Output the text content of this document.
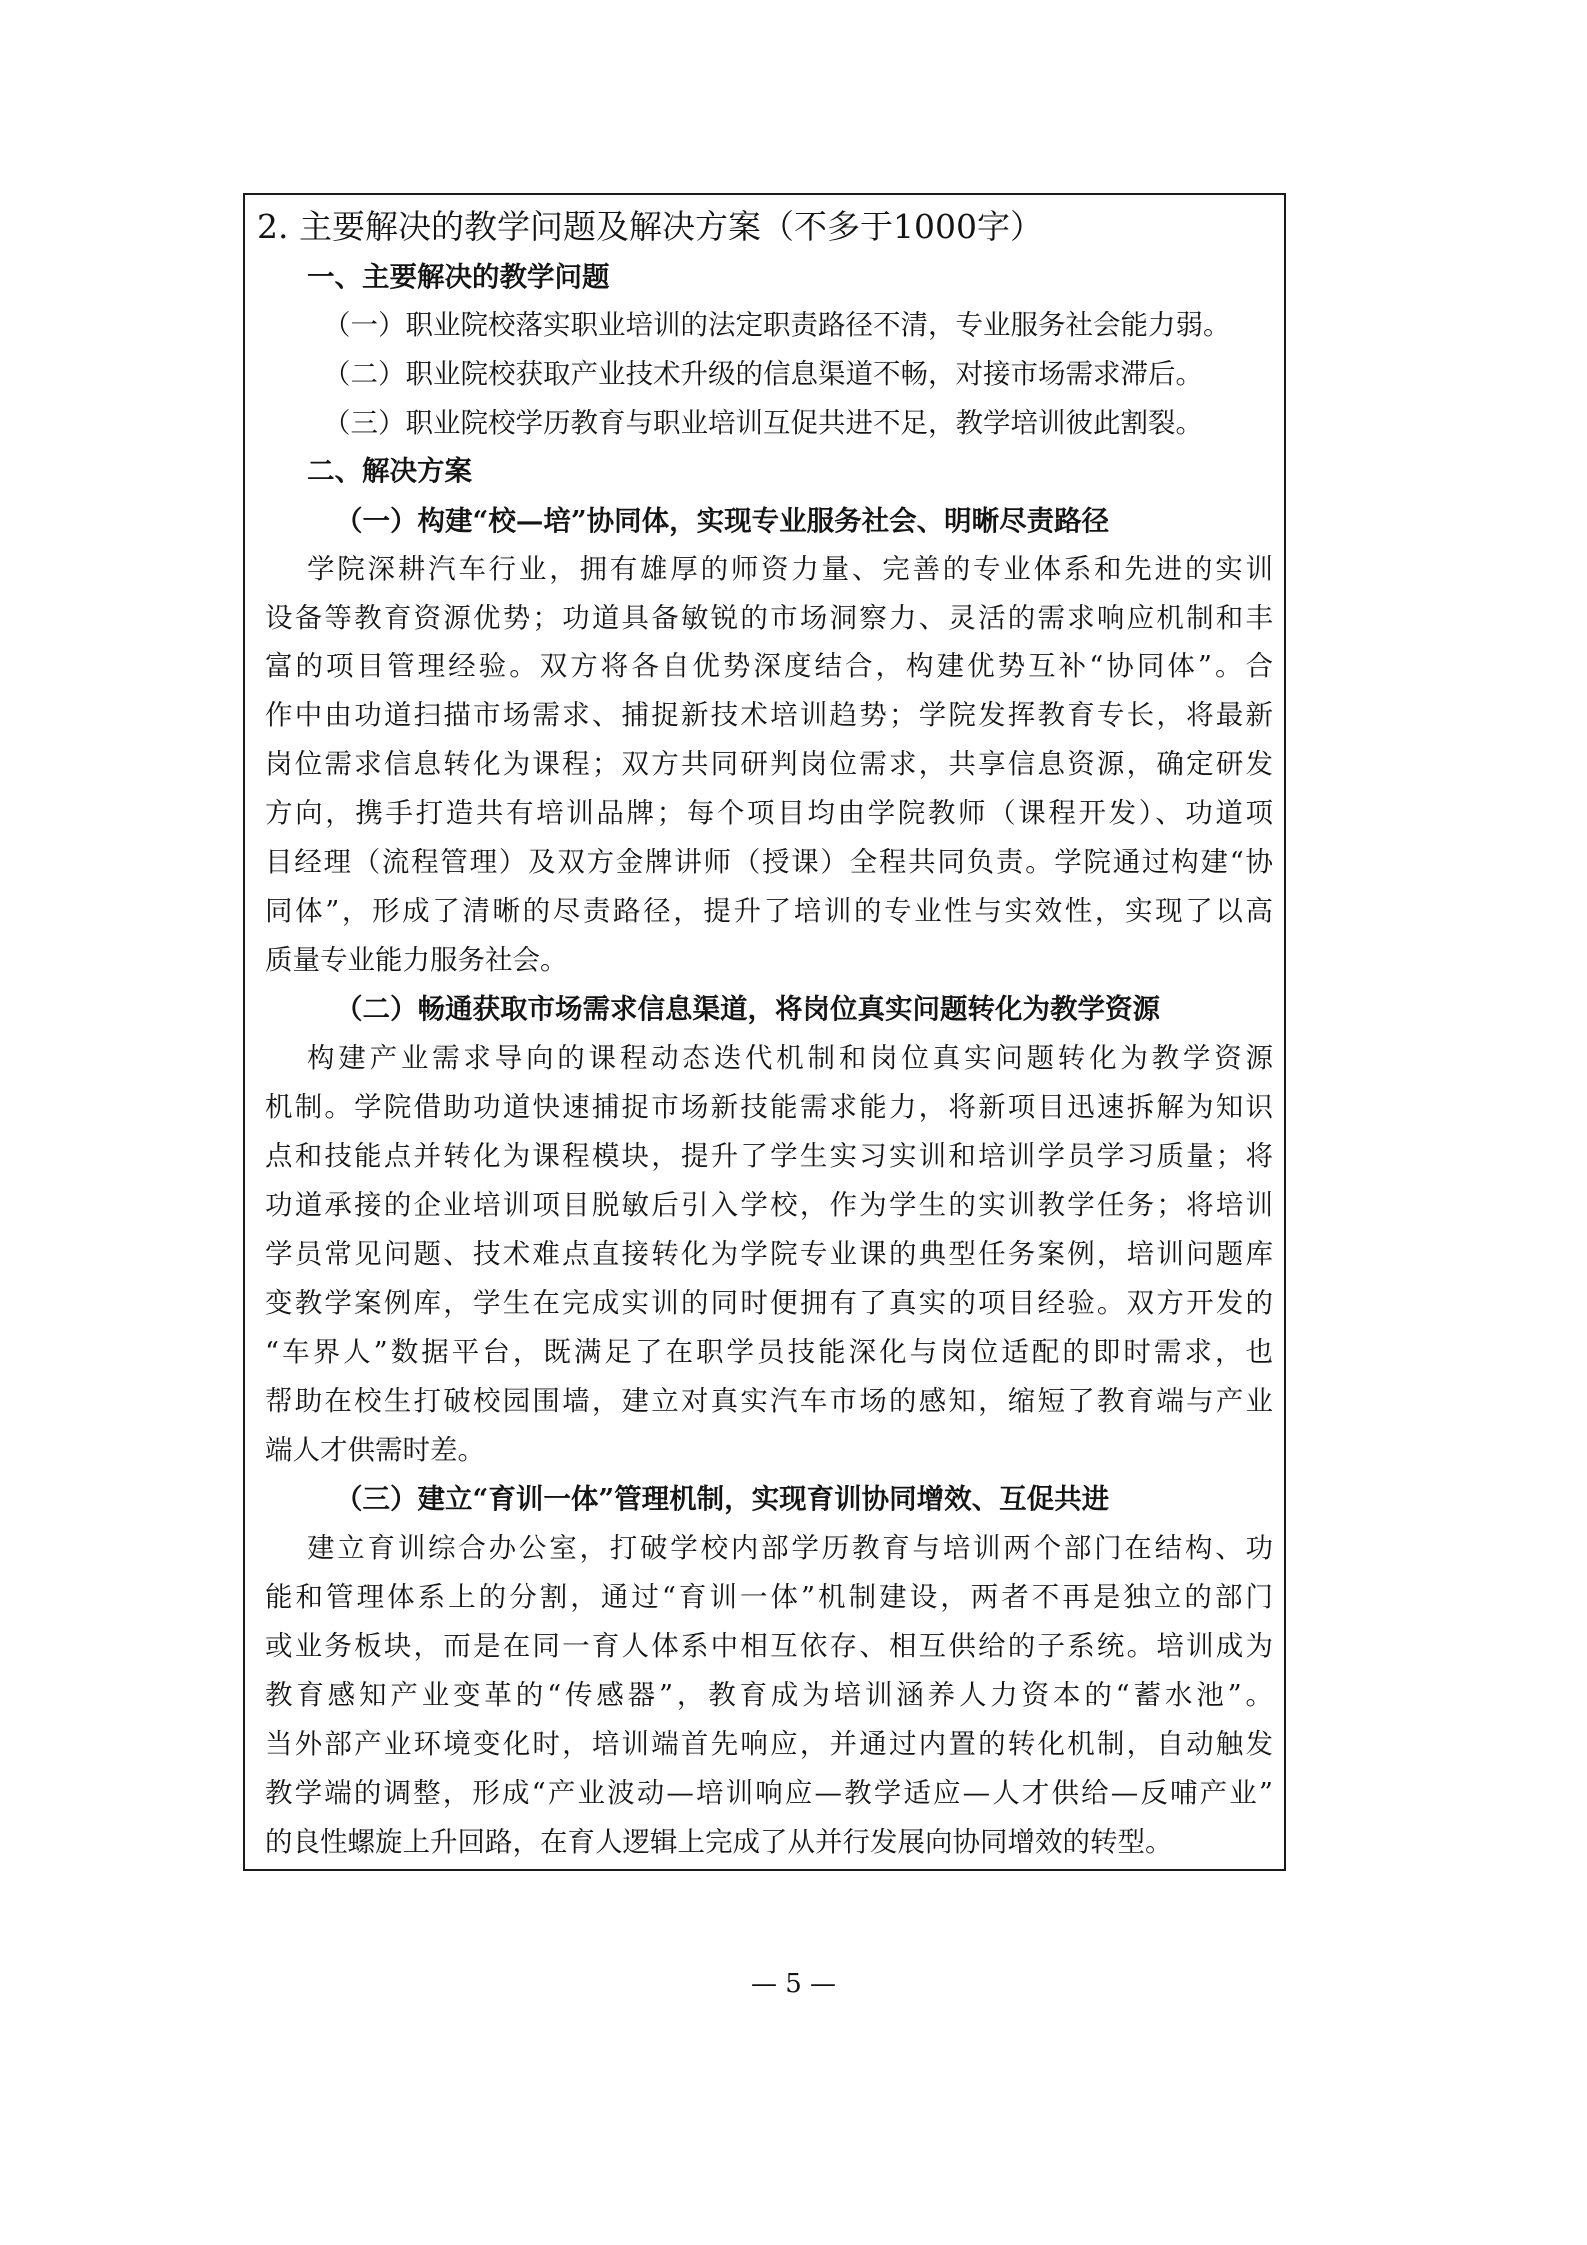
2. 主要解决的教学问题及解决方案（不多于1000字）
一、主要解决的教学问题
（一）职业院校落实职业培训的法定职责路径不清，专业服务社会能力弱。
（二）职业院校获取产业技术升级的信息渠道不畅，对接市场需求滞后。
（三）职业院校学历教育与职业培训互促共进不足，教学培训彼此割裂。
二、解决方案
（一）构建“校—培”协同体，实现专业服务社会、明晰尽责路径
学院深耕汽车行业，拥有雄厚的师资力量、完善的专业体系和先进的实训
设备等教育资源优势；功道具备敏锐的市场洞察力、灵活的需求响应机制和丰
富的项目管理经验。双方将各自优势深度结合，构建优势互补“协同体”。合
作中由功道扫描市场需求、捕捉新技术培训趋势；学院发挥教育专长，将最新
岗位需求信息转化为课程；双方共同研判岗位需求，共享信息资源，确定研发
方向，携手打造共有培训品牌；每个项目均由学院教师（课程开发）、功道项
目经理（流程管理）及双方金牌讲师（授课）全程共同负责。学院通过构建“协
同体”，形成了清晰的尽责路径，提升了培训的专业性与实效性，实现了以高
质量专业能力服务社会。
（二）畅通获取市场需求信息渠道，将岗位真实问题转化为教学资源
构建产业需求导向的课程动态迭代机制和岗位真实问题转化为教学资源
机制。学院借助功道快速捕捉市场新技能需求能力，将新项目迅速拆解为知识
点和技能点并转化为课程模块，提升了学生实习实训和培训学员学习质量；将
功道承接的企业培训项目脱敏后引入学校，作为学生的实训教学任务；将培训
学员常见问题、技术难点直接转化为学院专业课的典型任务案例，培训问题库
变教学案例库，学生在完成实训的同时便拥有了真实的项目经验。双方开发的
“车界人”数据平台，既满足了在职学员技能深化与岗位适配的即时需求，也
帮助在校生打破校园围墙，建立对真实汽车市场的感知，缩短了教育端与产业
端人才供需时差。
（三）建立“育训一体”管理机制，实现育训协同增效、互促共进
建立育训综合办公室，打破学校内部学历教育与培训两个部门在结构、功
能和管理体系上的分割，通过“育训一体”机制建设，两者不再是独立的部门
或业务板块，而是在同一育人体系中相互依存、相互供给的子系统。培训成为
教育感知产业变革的“传感器”，教育成为培训涵养人力资本的“蓄水池”。
当外部产业环境变化时，培训端首先响应，并通过内置的转化机制，自动触发
教学端的调整，形成“产业波动—培训响应—教学适应—人才供给—反哺产业”
的良性螺旋上升回路，在育人逻辑上完成了从并行发展向协同增效的转型。
— 5 —
